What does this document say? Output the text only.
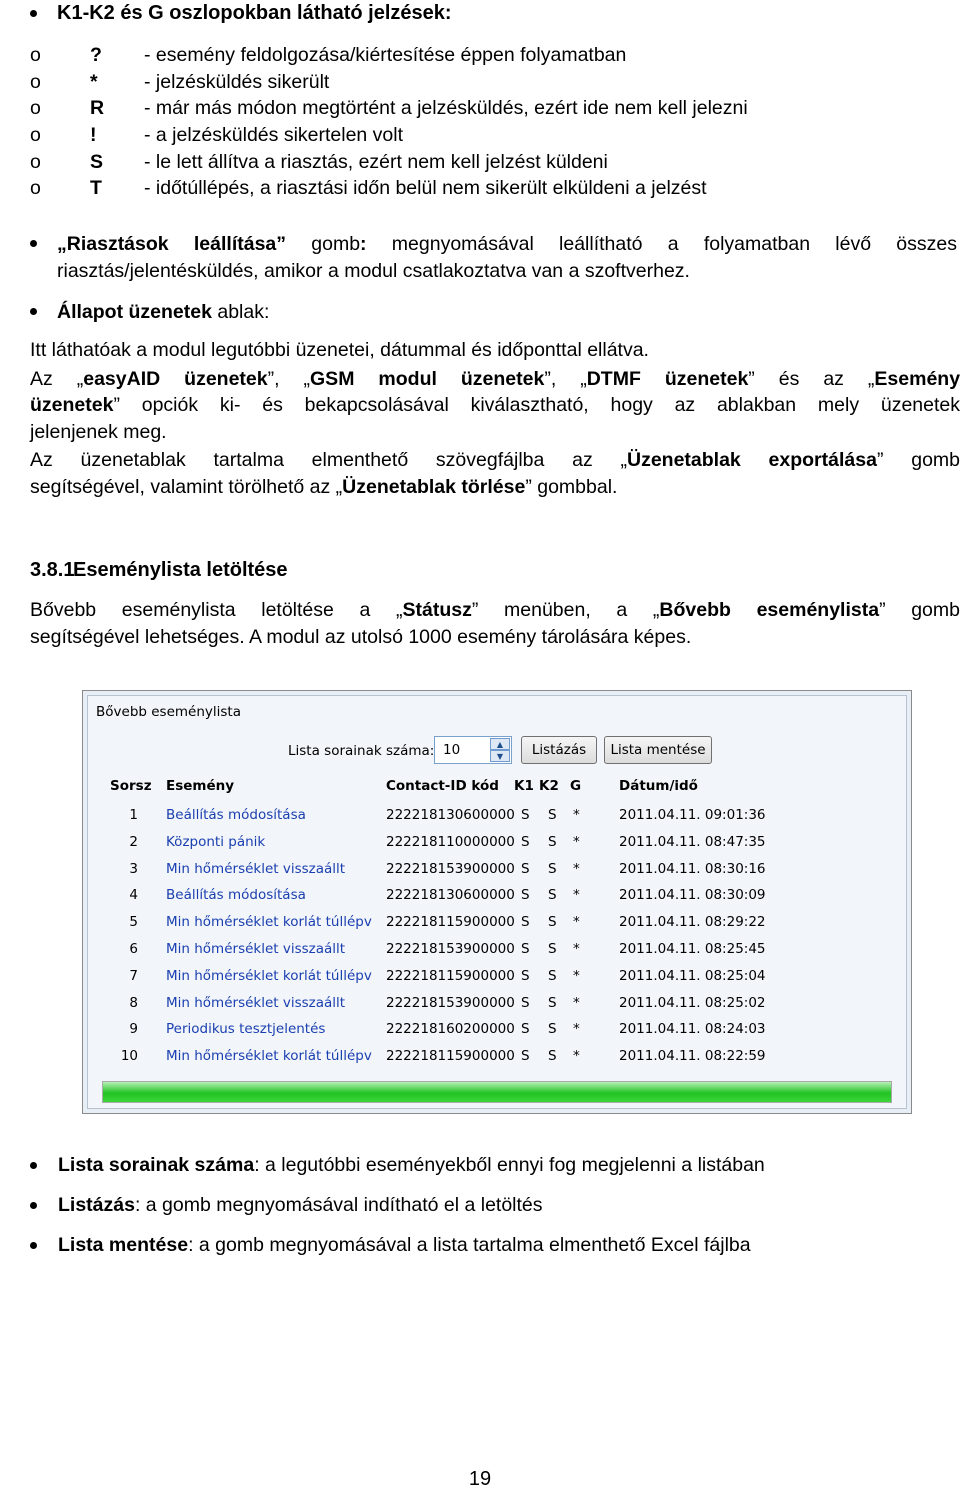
K1-K2 és G oszlopokban látható jelzések:
o	? - esemény feldolgozása/kiértesítése éppen folyamatban
o	* - jelzésküldés sikerült
o	R - már más módon megtörtént a jelzésküldés, ezért ide nem kell jelezni
o	! - a jelzésküldés sikertelen volt
o	S - le lett állítva a riasztás, ezért nem kell jelzést küldeni
o	T - időtúllépés, a riasztási időn belül nem sikerült elküldeni a jelzést
„Riasztások leállítása” gomb: megnyomásával leállítható a folyamatban lévő összes
riasztás/jelentésküldés, amikor a modul csatlakoztatva van a szoftverhez.
Állapot üzenetek ablak:
Itt láthatóak a modul legutóbbi üzenetei, dátummal és időponttal ellátva.
Az „easyAID üzenetek”, „GSM modul üzenetek”, „DTMF üzenetek” és az „Esemény
üzenetek” opciók ki- és bekapcsolásával kiválasztható, hogy az ablakban mely üzenetek
jelenjenek meg.
Az üzenetablak tartalma elmenthető szövegfájlba az „Üzenetablak exportálása” gomb
segítségével, valamint törölhető az „Üzenetablak törlése” gombbal.
3.8.1
Eseménylista letöltése
Bővebb eseménylista letöltése a „Státusz” menüben, a „Bővebb eseménylista” gomb
segítségével lehetséges. A modul az utolsó 1000 esemény tárolására képes.
Bővebb eseménylista
Lista sorainak száma: 10	▲
▼	Listázás	Lista mentése
Sorsz Esemény	Contact-ID kód K1 K2 G	Dátum/idő
1 Beállítás módosítása	222218130600000 S S *	2011.04.11. 09:01:36
2 Központi pánik	222218110000000 S S *	2011.04.11. 08:47:35
3 Min hőmérséklet visszaállt	222218153900000 S S *	2011.04.11. 08:30:16
4 Beállítás módosítása	222218130600000 S S *	2011.04.11. 08:30:09
5 Min hőmérséklet korlát túllépv 222218115900000 S S *	2011.04.11. 08:29:22
6 Min hőmérséklet visszaállt	222218153900000 S S *	2011.04.11. 08:25:45
7 Min hőmérséklet korlát túllépv 222218115900000 S S *	2011.04.11. 08:25:04
8 Min hőmérséklet visszaállt	222218153900000 S S *	2011.04.11. 08:25:02
9 Periodikus tesztjelentés	222218160200000 S S *	2011.04.11. 08:24:03
10 Min hőmérséklet korlát túllépv 222218115900000 S S *	2011.04.11. 08:22:59
Lista sorainak száma: a legutóbbi eseményekből ennyi fog megjelenni a listában
Listázás: a gomb megnyomásával indítható el a letöltés
Lista mentése: a gomb megnyomásával a lista tartalma elmenthető Excel fájlba
19
